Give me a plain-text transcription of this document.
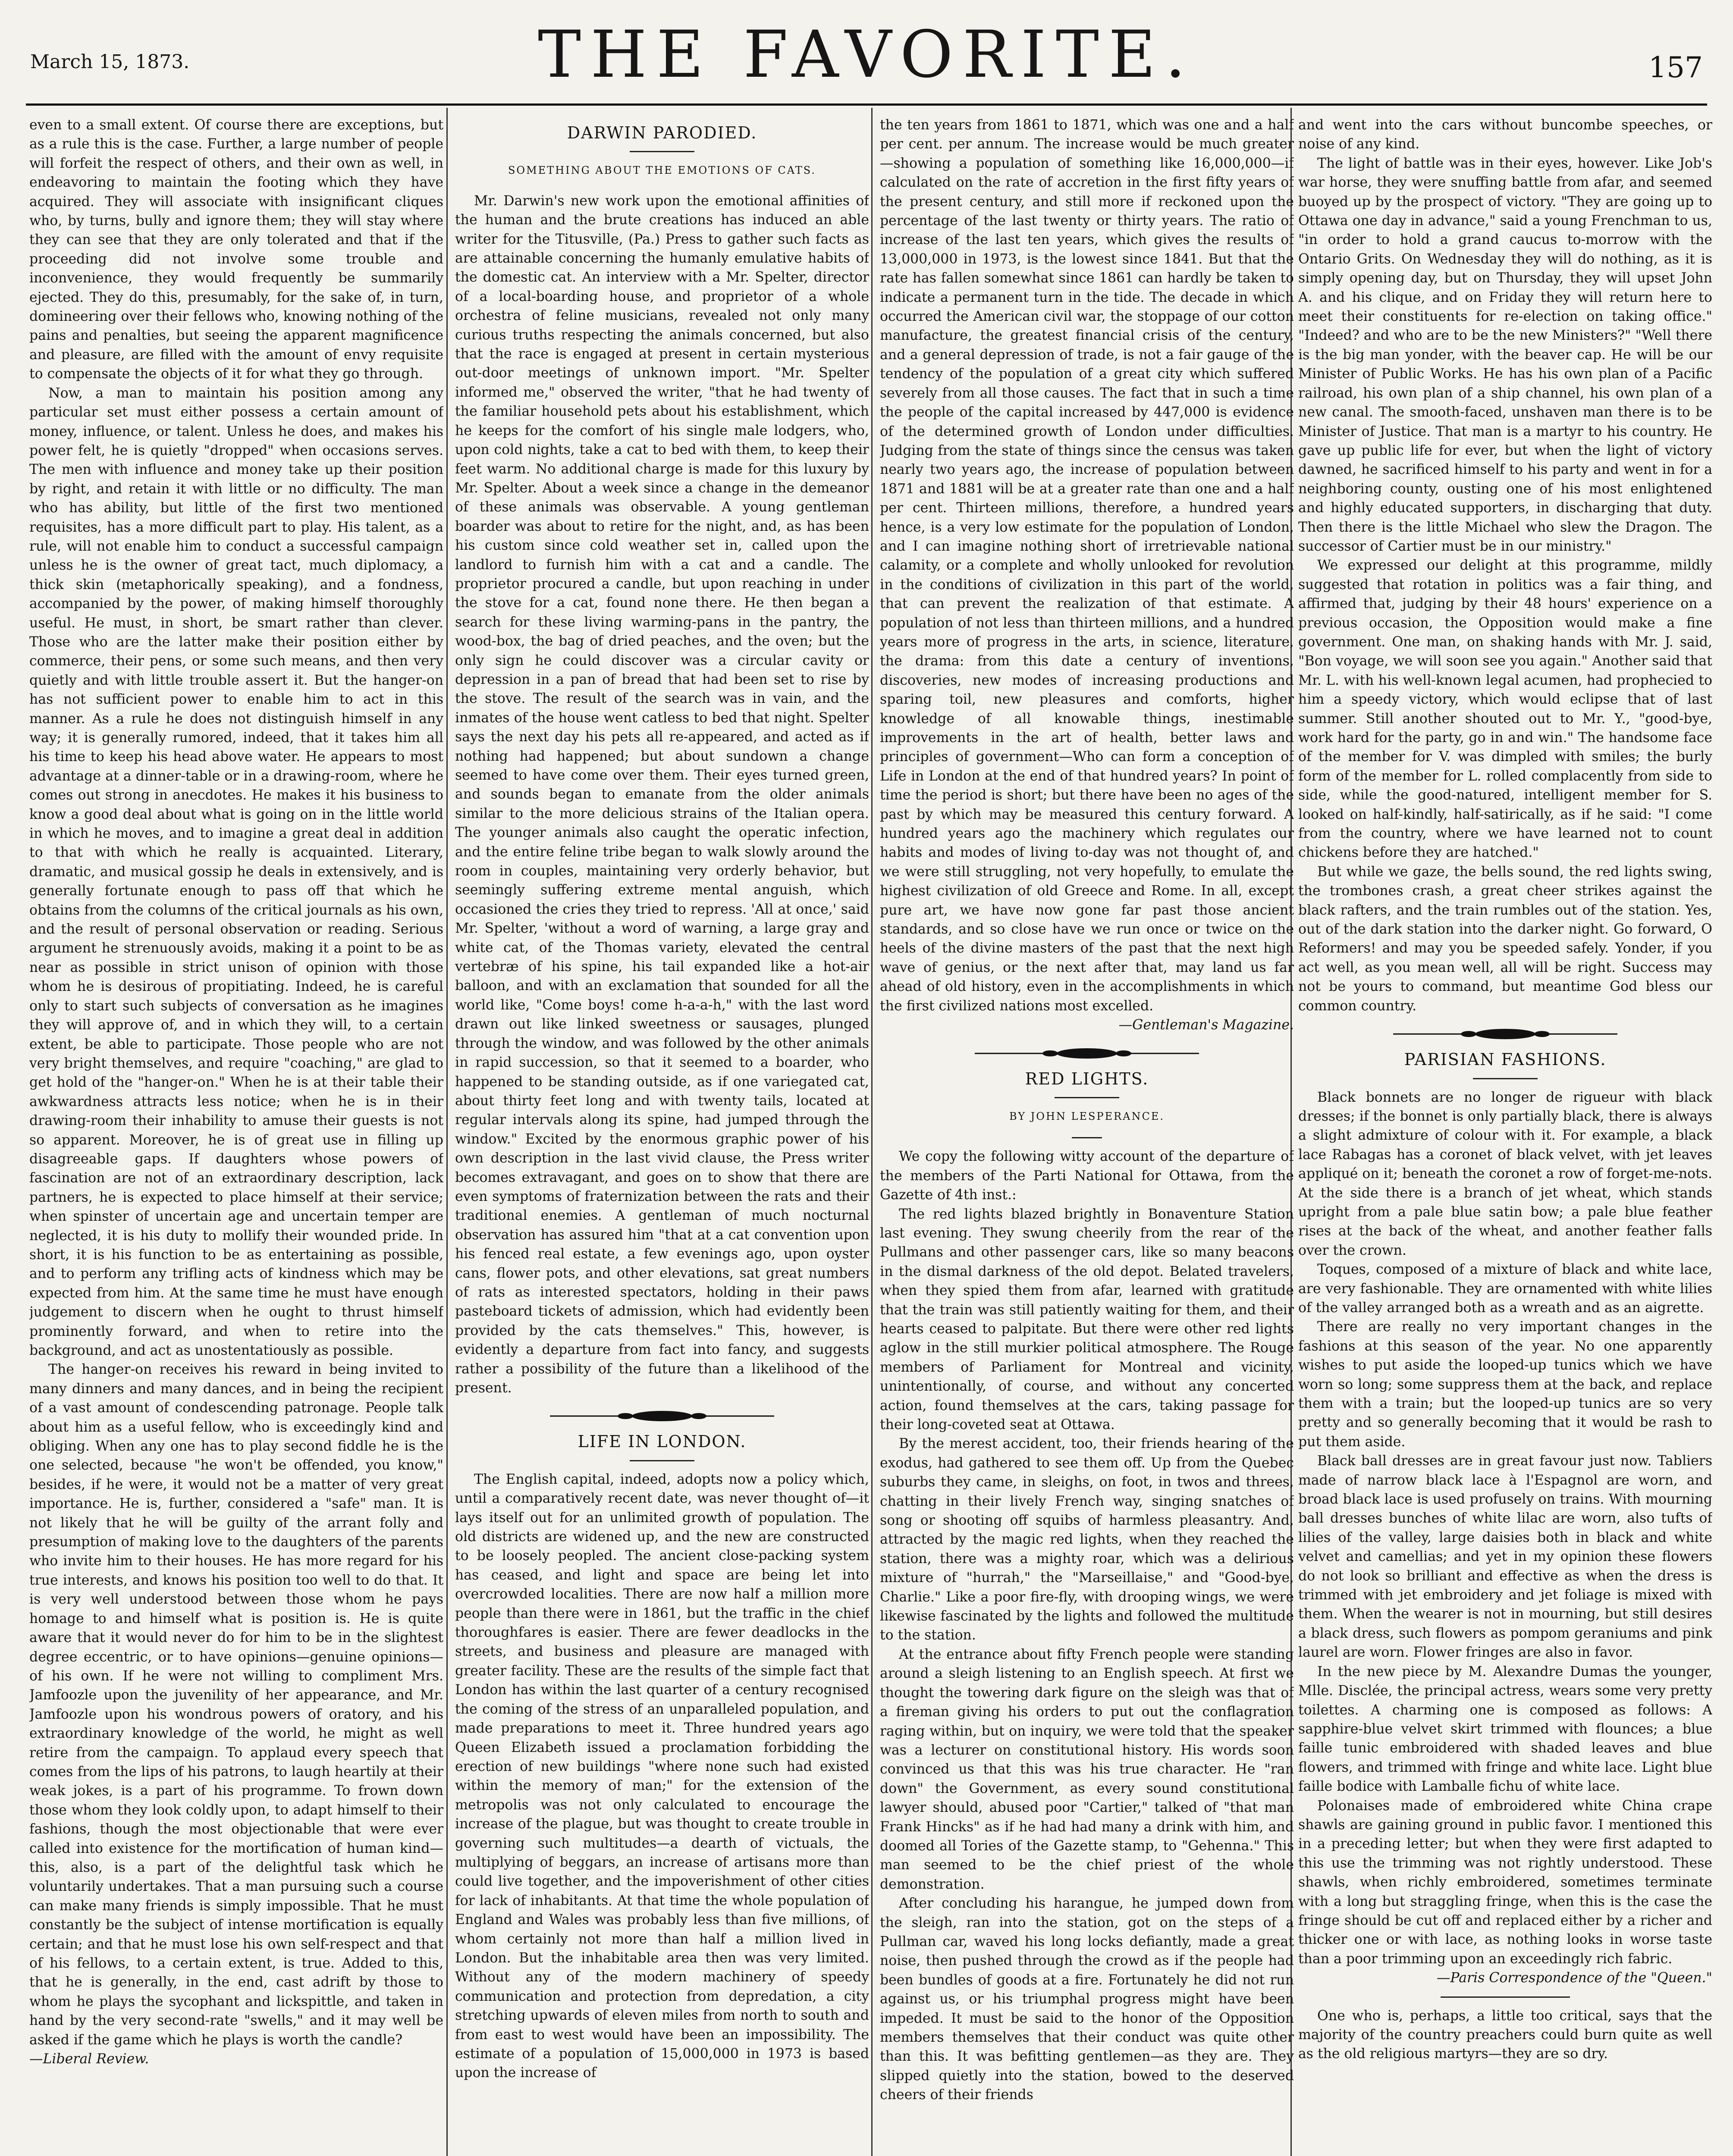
March 15, 1873.	THE FAVORITE.	157

even to a small extent. Of course there are exceptions, but as a rule this is the case. Further, a large number of people will forfeit the respect of others, and their own as well, in endeavoring to maintain the footing which they have acquired. They will associate with insignificant cliques who, by turns, bully and ignore them; they will stay where they can see that they are only tolerated and that if the proceeding did not involve some trouble and inconvenience, they would frequently be summarily ejected. They do this, presumably, for the sake of, in turn, domineering over their fellows who, knowing nothing of the pains and penalties, but seeing the apparent magnificence and pleasure, are filled with the amount of envy requisite to compensate the objects of it for what they go through.

Now, a man to maintain his position among any particular set must either possess a certain amount of money, influence, or talent. Unless he does, and makes his power felt, he is quietly "dropped" when occasions serves. The men with influence and money take up their position by right, and retain it with little or no difficulty. The man who has ability, but little of the first two mentioned requisites, has a more difficult part to play. His talent, as a rule, will not enable him to conduct a successful campaign unless he is the owner of great tact, much diplomacy, a thick skin (metaphorically speaking), and a fondness, accompanied by the power, of making himself thoroughly useful. He must, in short, be smart rather than clever. Those who are the latter make their position either by commerce, their pens, or some such means, and then very quietly and with little trouble assert it. But the hanger-on has not sufficient power to enable him to act in this manner. As a rule he does not distinguish himself in any way; it is generally rumored, indeed, that it takes him all his time to keep his head above water. He appears to most advantage at a dinner-table or in a drawing-room, where he comes out strong in anecdotes. He makes it his business to know a good deal about what is going on in the little world in which he moves, and to imagine a great deal in addition to that with which he really is acquainted. Literary, dramatic, and musical gossip he deals in extensively, and is generally fortunate enough to pass off that which he obtains from the columns of the critical journals as his own, and the result of personal observation or reading. Serious argument he strenuously avoids, making it a point to be as near as possible in strict unison of opinion with those whom he is desirous of propitiating. Indeed, he is careful only to start such subjects of conversation as he imagines they will approve of, and in which they will, to a certain extent, be able to participate. Those people who are not very bright themselves, and require "coaching," are glad to get hold of the "hanger-on." When he is at their table their awkwardness attracts less notice; when he is in their drawing-room their inhability to amuse their guests is not so apparent. Moreover, he is of great use in filling up disagreeable gaps. If daughters whose powers of fascination are not of an extraordinary description, lack partners, he is expected to place himself at their service; when spinster of uncertain age and uncertain temper are neglected, it is his duty to mollify their wounded pride. In short, it is his function to be as entertaining as possible, and to perform any trifling acts of kindness which may be expected from him. At the same time he must have enough judgement to discern when he ought to thrust himself prominently forward, and when to retire into the background, and act as unostentatiously as possible.

The hanger-on receives his reward in being invited to many dinners and many dances, and in being the recipient of a vast amount of condescending patronage. People talk about him as a useful fellow, who is exceedingly kind and obliging. When any one has to play second fiddle he is the one selected, because "he won't be offended, you know," besides, if he were, it would not be a matter of very great importance. He is, further, considered a "safe" man. It is not likely that he will be guilty of the arrant folly and presumption of making love to the daughters of the parents who invite him to their houses. He has more regard for his true interests, and knows his position too well to do that. It is very well understood between those whom he pays homage to and himself what is position is. He is quite aware that it would never do for him to be in the slightest degree eccentric, or to have opinions—genuine opinions—of his own. If he were not willing to compliment Mrs. Jamfoozle upon the juvenility of her appearance, and Mr. Jamfoozle upon his wondrous powers of oratory, and his extraordinary knowledge of the world, he might as well retire from the campaign. To applaud every speech that comes from the lips of his patrons, to laugh heartily at their weak jokes, is a part of his programme. To frown down those whom they look coldly upon, to adapt himself to their fashions, though the most objectionable that were ever called into existence for the mortification of human kind—this, also, is a part of the delightful task which he voluntarily undertakes. That a man pursuing such a course can make many friends is simply impossible. That he must constantly be the subject of intense mortification is equally certain; and that he must lose his own self-respect and that of his fellows, to a certain extent, is true. Added to this, that he is generally, in the end, cast adrift by those to whom he plays the sycophant and lickspittle, and taken in hand by the very second-rate "swells," and it may well be asked if the game which he plays is worth the candle?

—Liberal Review.

DARWIN PARODIED.
SOMETHING ABOUT THE EMOTIONS OF CATS.

Mr. Darwin's new work upon the emotional affinities of the human and the brute creations has induced an able writer for the Titusville, (Pa.) Press to gather such facts as are attainable concerning the humanly emulative habits of the domestic cat. An interview with a Mr. Spelter, director of a local-boarding house, and proprietor of a whole orchestra of feline musicians, revealed not only many curious truths respecting the animals concerned, but also that the race is engaged at present in certain mysterious out-door meetings of unknown import. "Mr. Spelter informed me," observed the writer, "that he had twenty of the familiar household pets about his establishment, which he keeps for the comfort of his single male lodgers, who, upon cold nights, take a cat to bed with them, to keep their feet warm. No additional charge is made for this luxury by Mr. Spelter. About a week since a change in the demeanor of these animals was observable. A young gentleman boarder was about to retire for the night, and, as has been his custom since cold weather set in, called upon the landlord to furnish him with a cat and a candle. The proprietor procured a candle, but upon reaching in under the stove for a cat, found none there. He then began a search for these living warming-pans in the pantry, the wood-box, the bag of dried peaches, and the oven; but the only sign he could discover was a circular cavity or depression in a pan of bread that had been set to rise by the stove. The result of the search was in vain, and the inmates of the house went catless to bed that night. Spelter says the next day his pets all re-appeared, and acted as if nothing had happened; but about sundown a change seemed to have come over them. Their eyes turned green, and sounds began to emanate from the older animals similar to the more delicious strains of the Italian opera. The younger animals also caught the operatic infection, and the entire feline tribe began to walk slowly around the room in couples, maintaining very orderly behavior, but seemingly suffering extreme mental anguish, which occasioned the cries they tried to repress. 'All at once,' said Mr. Spelter, 'without a word of warning, a large gray and white cat, of the Thomas variety, elevated the central vertebræ of his spine, his tail expanded like a hot-air balloon, and with an exclamation that sounded for all the world like, "Come boys! come h-a-a-h," with the last word drawn out like linked sweetness or sausages, plunged through the window, and was followed by the other animals in rapid succession, so that it seemed to a boarder, who happened to be standing outside, as if one variegated cat, about thirty feet long and with twenty tails, located at regular intervals along its spine, had jumped through the window." Excited by the enormous graphic power of his own description in the last vivid clause, the Press writer becomes extravagant, and goes on to show that there are even symptoms of fraternization between the rats and their traditional enemies. A gentleman of much nocturnal observation has assured him "that at a cat convention upon his fenced real estate, a few evenings ago, upon oyster cans, flower pots, and other elevations, sat great numbers of rats as interested spectators, holding in their paws pasteboard tickets of admission, which had evidently been provided by the cats themselves." This, however, is evidently a departure from fact into fancy, and suggests rather a possibility of the future than a likelihood of the present.

LIFE IN LONDON.

The English capital, indeed, adopts now a policy which, until a comparatively recent date, was never thought of—it lays itself out for an unlimited growth of population. The old districts are widened up, and the new are constructed to be loosely peopled. The ancient close-packing system has ceased, and light and space are being let into overcrowded localities. There are now half a million more people than there were in 1861, but the traffic in the chief thoroughfares is easier. There are fewer deadlocks in the streets, and business and pleasure are managed with greater facility. These are the results of the simple fact that London has within the last quarter of a century recognised the coming of the stress of an unparalleled population, and made preparations to meet it. Three hundred years ago Queen Elizabeth issued a proclamation forbidding the erection of new buildings "where none such had existed within the memory of man;" for the extension of the metropolis was not only calculated to encourage the increase of the plague, but was thought to create trouble in governing such multitudes—a dearth of victuals, the multiplying of beggars, an increase of artisans more than could live together, and the impoverishment of other cities for lack of inhabitants. At that time the whole population of England and Wales was probably less than five millions, of whom certainly not more than half a million lived in London. But the inhabitable area then was very limited. Without any of the modern machinery of speedy communication and protection from depredation, a city stretching upwards of eleven miles from north to south and from east to west would have been an impossibility. The estimate of a population of 15,000,000 in 1973 is based upon the increase of

the ten years from 1861 to 1871, which was one and a half per cent. per annum. The increase would be much greater—showing a population of something like 16,000,000—if calculated on the rate of accretion in the first fifty years of the present century, and still more if reckoned upon the percentage of the last twenty or thirty years. The ratio of increase of the last ten years, which gives the results of 13,000,000 in 1973, is the lowest since 1841. But that the rate has fallen somewhat since 1861 can hardly be taken to indicate a permanent turn in the tide. The decade in which occurred the American civil war, the stoppage of our cotton manufacture, the greatest financial crisis of the century, and a general depression of trade, is not a fair gauge of the tendency of the population of a great city which suffered severely from all those causes. The fact that in such a time the people of the capital increased by 447,000 is evidence of the determined growth of London under difficulties. Judging from the state of things since the census was taken nearly two years ago, the increase of population between 1871 and 1881 will be at a greater rate than one and a half per cent. Thirteen millions, therefore, a hundred years hence, is a very low estimate for the population of London, and I can imagine nothing short of irretrievable national calamity, or a complete and wholly unlooked for revolution in the conditions of civilization in this part of the world, that can prevent the realization of that estimate. A population of not less than thirteen millions, and a hundred years more of progress in the arts, in science, literature, the drama: from this date a century of inventions, discoveries, new modes of increasing productions and sparing toil, new pleasures and comforts, higher knowledge of all knowable things, inestimable improvements in the art of health, better laws and principles of government—Who can form a conception of Life in London at the end of that hundred years? In point of time the period is short; but there have been no ages of the past by which may be measured this century forward. A hundred years ago the machinery which regulates our habits and modes of living to-day was not thought of, and we were still struggling, not very hopefully, to emulate the highest civilization of old Greece and Rome. In all, except pure art, we have now gone far past those ancient standards, and so close have we run once or twice on the heels of the divine masters of the past that the next high wave of genius, or the next after that, may land us far ahead of old history, even in the accomplishments in which the first civilized nations most excelled.

—Gentleman's Magazine.

RED LIGHTS.
BY JOHN LESPERANCE.

We copy the following witty account of the departure of the members of the Parti National for Ottawa, from the Gazette of 4th inst.:

The red lights blazed brightly in Bonaventure Station last evening. They swung cheerily from the rear of the Pullmans and other passenger cars, like so many beacons in the dismal darkness of the old depot. Belated travelers, when they spied them from afar, learned with gratitude that the train was still patiently waiting for them, and their hearts ceased to palpitate. But there were other red lights aglow in the still murkier political atmosphere. The Rouge members of Parliament for Montreal and vicinity, unintentionally, of course, and without any concerted action, found themselves at the cars, taking passage for their long-coveted seat at Ottawa.

By the merest accident, too, their friends hearing of the exodus, had gathered to see them off. Up from the Quebec suburbs they came, in sleighs, on foot, in twos and threes, chatting in their lively French way, singing snatches of song or shooting off squibs of harmless pleasantry. And, attracted by the magic red lights, when they reached the station, there was a mighty roar, which was a delirious mixture of "hurrah," the "Marseillaise," and "Good-bye, Charlie." Like a poor fire-fly, with drooping wings, we were likewise fascinated by the lights and followed the multitude to the station.

At the entrance about fifty French people were standing around a sleigh listening to an English speech. At first we thought the towering dark figure on the sleigh was that of a fireman giving his orders to put out the conflagration raging within, but on inquiry, we were told that the speaker was a lecturer on constitutional history. His words soon convinced us that this was his true character. He "ran down" the Government, as every sound constitutional lawyer should, abused poor "Cartier," talked of "that man Frank Hincks" as if he had had many a drink with him, and doomed all Tories of the Gazette stamp, to "Gehenna." This man seemed to be the chief priest of the whole demonstration.

After concluding his harangue, he jumped down from the sleigh, ran into the station, got on the steps of a Pullman car, waved his long locks defiantly, made a great noise, then pushed through the crowd as if the people had been bundles of goods at a fire. Fortunately he did not run against us, or his triumphal progress might have been impeded. It must be said to the honor of the Opposition members themselves that their conduct was quite other than this. It was befitting gentlemen—as they are. They slipped quietly into the station, bowed to the deserved cheers of their friends

and went into the cars without buncombe speeches, or noise of any kind.

The light of battle was in their eyes, however. Like Job's war horse, they were snuffing battle from afar, and seemed buoyed up by the prospect of victory. "They are going up to Ottawa one day in advance," said a young Frenchman to us, "in order to hold a grand caucus to-morrow with the Ontario Grits. On Wednesday they will do nothing, as it is simply opening day, but on Thursday, they will upset John A. and his clique, and on Friday they will return here to meet their constituents for re-election on taking office." "Indeed? and who are to be the new Ministers?" "Well there is the big man yonder, with the beaver cap. He will be our Minister of Public Works. He has his own plan of a Pacific railroad, his own plan of a ship channel, his own plan of a new canal. The smooth-faced, unshaven man there is to be Minister of Justice. That man is a martyr to his country. He gave up public life for ever, but when the light of victory dawned, he sacrificed himself to his party and went in for a neighboring county, ousting one of his most enlightened and highly educated supporters, in discharging that duty. Then there is the little Michael who slew the Dragon. The successor of Cartier must be in our ministry."

We expressed our delight at this programme, mildly suggested that rotation in politics was a fair thing, and affirmed that, judging by their 48 hours' experience on a previous occasion, the Opposition would make a fine government. One man, on shaking hands with Mr. J. said, "Bon voyage, we will soon see you again." Another said that Mr. L. with his well-known legal acumen, had prophecied to him a speedy victory, which would eclipse that of last summer. Still another shouted out to Mr. Y., "good-bye, work hard for the party, go in and win." The handsome face of the member for V. was dimpled with smiles; the burly form of the member for L. rolled complacently from side to side, while the good-natured, intelligent member for S. looked on half-kindly, half-satirically, as if he said: "I come from the country, where we have learned not to count chickens before they are hatched."

But while we gaze, the bells sound, the red lights swing, the trombones crash, a great cheer strikes against the black rafters, and the train rumbles out of the station. Yes, out of the dark station into the darker night. Go forward, O Reformers! and may you be speeded safely. Yonder, if you act well, as you mean well, all will be right. Success may not be yours to command, but meantime God bless our common country.

PARISIAN FASHIONS.

Black bonnets are no longer de rigueur with black dresses; if the bonnet is only partially black, there is always a slight admixture of colour with it. For example, a black lace Rabagas has a coronet of black velvet, with jet leaves appliqué on it; beneath the coronet a row of forget-me-nots. At the side there is a branch of jet wheat, which stands upright from a pale blue satin bow; a pale blue feather rises at the back of the wheat, and another feather falls over the crown.

Toques, composed of a mixture of black and white lace, are very fashionable. They are ornamented with white lilies of the valley arranged both as a wreath and as an aigrette.

There are really no very important changes in the fashions at this season of the year. No one apparently wishes to put aside the looped-up tunics which we have worn so long; some suppress them at the back, and replace them with a train; but the looped-up tunics are so very pretty and so generally becoming that it would be rash to put them aside.

Black ball dresses are in great favour just now. Tabliers made of narrow black lace à l'Espagnol are worn, and broad black lace is used profusely on trains. With mourning ball dresses bunches of white lilac are worn, also tufts of lilies of the valley, large daisies both in black and white velvet and camellias; and yet in my opinion these flowers do not look so brilliant and effective as when the dress is trimmed with jet embroidery and jet foliage is mixed with them. When the wearer is not in mourning, but still desires a black dress, such flowers as pompom geraniums and pink laurel are worn. Flower fringes are also in favor.

In the new piece by M. Alexandre Dumas the younger, Mlle. Disclée, the principal actress, wears some very pretty toilettes. A charming one is composed as follows: A sapphire-blue velvet skirt trimmed with flounces; a blue faille tunic embroidered with shaded leaves and blue flowers, and trimmed with fringe and white lace. Light blue faille bodice with Lamballe fichu of white lace.

Polonaises made of embroidered white China crape shawls are gaining ground in public favor. I mentioned this in a preceding letter; but when they were first adapted to this use the trimming was not rightly understood. These shawls, when richly embroidered, sometimes terminate with a long but straggling fringe, when this is the case the fringe should be cut off and replaced either by a richer and thicker one or with lace, as nothing looks in worse taste than a poor trimming upon an exceedingly rich fabric.

—Paris Correspondence of the "Queen."

One who is, perhaps, a little too critical, says that the majority of the country preachers could burn quite as well as the old religious martyrs—they are so dry.
